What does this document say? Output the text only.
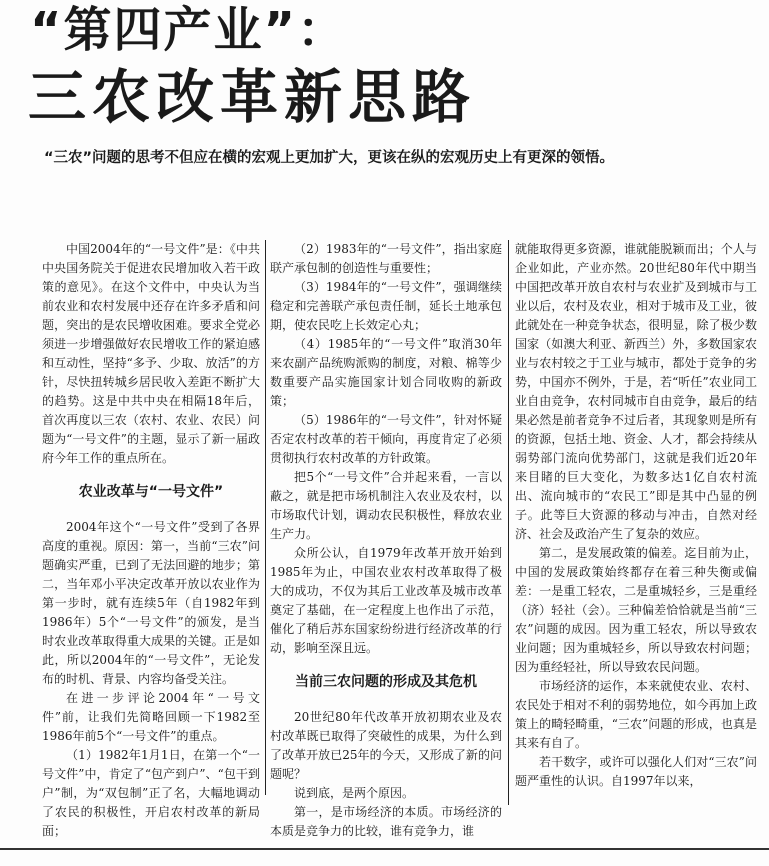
“第四产业”：
三农改革新思路
“三农”问题的思考不但应在横的宏观上更加扩大，更该在纵的宏观历史上有更深的领悟。

中国2004年的“一号文件”是：《中共中央国务院关于促进农民增加收入若干政策的意见》。在这个文件中，中央认为当前农业和农村发展中还存在许多矛盾和问题，突出的是农民增收困难。要求全党必须进一步增强做好农民增收工作的紧迫感和互动性，坚持“多予、少取、放活”的方针，尽快扭转城乡居民收入差距不断扩大的趋势。这是中共中央在相隔18年后，首次再度以三农（农村、农业、农民）问题为“一号文件”的主题，显示了新一届政府今年工作的重点所在。

农业改革与“一号文件”

2004年这个“一号文件”受到了各界高度的重视。原因：第一，当前“三农”问题确实严重，已到了无法回避的地步；第二，当年邓小平决定改革开放以农业作为第一步时，就有连续5年（自1982年到1986年）5个“一号文件”的颁发，是当时农业改革取得重大成果的关键。正是如此，所以2004年的“一号文件”，无论发布的时机、背景、内容均备受关注。

在进一步评论2004年“一号文件”前，让我们先简略回顾一下1982至1986年前5个“一号文件”的重点。

（1）1982年1月1日，在第一个“一号文件”中，肯定了“包产到户”、“包干到户”制，为“双包制”正了名，大幅地调动了农民的积极性，开启农村改革的新局面；

（2）1983年的“一号文件”，指出家庭联产承包制的创造性与重要性；

（3）1984年的“一号文件”，强调继续稳定和完善联产承包责任制，延长土地承包期，使农民吃上长效定心丸；

（4）1985年的“一号文件”取消30年来农副产品统购派购的制度，对粮、棉等少数重要产品实施国家计划合同收购的新政策；

（5）1986年的“一号文件”，针对怀疑否定农村改革的若干倾向，再度肯定了必须贯彻执行农村改革的方针政策。

把5个“一号文件”合并起来看，一言以蔽之，就是把市场机制注入农业及农村，以市场取代计划，调动农民积极性，释放农业生产力。

众所公认，自1979年改革开放开始到1985年为止，中国农业农村改革取得了极大的成功，不仅为其后工业改革及城市改革奠定了基础，在一定程度上也作出了示范，催化了稍后苏东国家纷纷进行经济改革的行动，影响至深且远。

当前三农问题的形成及其危机

20世纪80年代改革开放初期农业及农村改革既已取得了突破性的成果，为什么到了改革开放已25年的今天，又形成了新的问题呢？

说到底，是两个原因。

第一，是市场经济的本质。市场经济的本质是竞争力的比较，谁有竞争力，谁

就能取得更多资源，谁就能脱颖而出；个人与企业如此，产业亦然。20世纪80年代中期当中国把改革开放自农村与农业扩及到城市与工业以后，农村及农业，相对于城市及工业，彼此就处在一种竞争状态，很明显，除了极少数国家（如澳大利亚、新西兰）外，多数国家农业与农村较之于工业与城市，都处于竞争的劣势，中国亦不例外，于是，若“听任”农业同工业自由竞争，农村同城市自由竞争，最后的结果必然是前者竞争不过后者，其现象则是所有的资源，包括土地、资金、人才，都会持续从弱势部门流向优势部门，这就是我们近20年来目睹的巨大变化，为数多达1亿自农村流出、流向城市的“农民工”即是其中凸显的例子。此等巨大资源的移动与冲击，自然对经济、社会及政治产生了复杂的效应。

第二，是发展政策的偏差。迄目前为止，中国的发展政策始终都存在着三种失衡或偏差：一是重工轻农，二是重城轻乡，三是重经（济）轻社（会）。三种偏差恰恰就是当前“三农”问题的成因。因为重工轻农，所以导致农业问题；因为重城轻乡，所以导致农村问题；因为重经轻社，所以导致农民问题。

市场经济的运作，本来就使农业、农村、农民处于相对不利的弱势地位，如今再加上政策上的畸轻畸重，“三农”问题的形成，也真是其来有自了。

若干数字，或许可以强化人们对“三农”问题严重性的认识。自1997年以来，
